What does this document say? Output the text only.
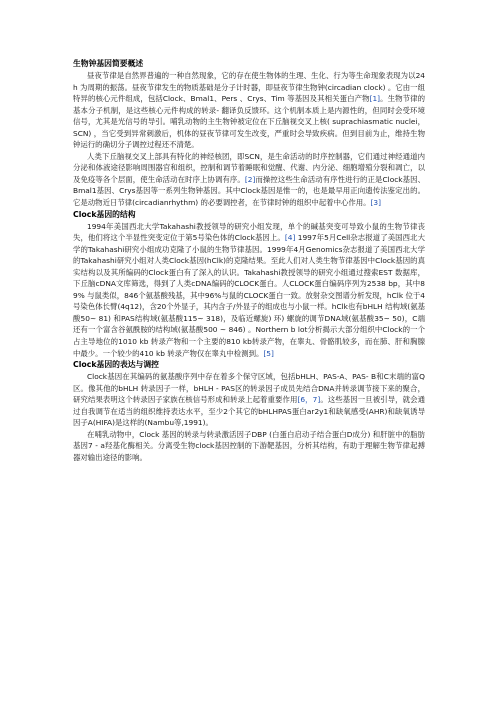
生物钟基因简要概述

昼夜节律是自然界普遍的一种自然现象，它的存在使生物体的生理、生化、行为等生命现象表现为以24 h 为周期的振荡。昼夜节律发生的物质基础是分子计时器，即昼夜节律生物钟(circadian clock) 。它由一组特异的核心元件组成，包括Clock、Bmal1、Pers 、Crys、Tim 等基因及其相关蛋白产物[1]。生物节律的基本分子机制，是这些核心元件构成的转录- 翻译负反馈环。这个机制本质上是内源性的，但同时会受环境信号，尤其是光信号的导引。哺乳动物的主生物钟被定位在下丘脑视交叉上核( suprachiasmatic nuclei，SCN) ，当它受到异常刺激后，机体的昼夜节律可发生改变，严重时会导致疾病。但到目前为止，维持生物钟运行的确切分子调控过程还不清楚。

人类下丘脑视交叉上部具有特化的神经核团，即SCN，是生命活动的时序控制器，它们通过神经通道内分泌和体液途径影响周围器官和组织，控制和调节着睡眠和觉醒、代谢、内分泌、细胞增殖分裂和凋亡，以及免疫等各个层面，使生命活动在时序上协调有序。[2]而操控这些生命活动有序性进行的正是Clock基因、Bmal1基因、Crys基因等一系列生物钟基因。其中Clock基因是惟一的，也是最早用正向遗传法鉴定出的。它是动物近日节律(circadianrhythm) 的必要调控者，在节律时钟的组织中起着中心作用。[3]

Clock基因的结构

1994年美国西北大学Takahashi教授领导的研究小组发现，单个的碱基突变可导致小鼠的生物节律丧失，他们将这个半显性突变定位于第5号染色体的Clock基因上。[4] 1997年5月Cell杂志报道了美国西北大学的Takahashi研究小组成功克隆了小鼠的生物节律基因。1999年4月Genomics杂志报道了美国西北大学的Takahashi研究小组对人类Clock基因(hClk)的克隆结果。至此人们对人类生物节律基因中Clock基因的真实结构以及其所编码的Clock蛋白有了深入的认识。Takahashi教授领导的研究小组通过搜索EST 数据库，下丘脑cDNA文库筛选，得到了人类cDNA编码的CLOCK蛋白。人CLOCK蛋白编码序列为2538 bp，其中89% 与鼠类似，846个氨基酸残基，其中96%与鼠的CLOCK蛋白一致。放射杂交图谱分析发现，hClk 位于4 号染色体长臂(4q12)，含20个外显子，其内含子/外显子的组成也与小鼠一样。hClk也有bHLH 结构域(氨基酸50~ 81) 和PAS结构域(氨基酸115~ 318)，及临近螺旋) 环) 螺旋的调节DNA域(氨基酸35~ 50)，C端还有一个富含谷氨酰胺的结构域(氨基酸500 ~ 846) 。Northern b lot分析揭示大部分组织中Clock的一个占主导地位的1010 kb 转录产物和一个主要的810 kb转录产物，在睾丸、骨骼肌较多，而在肺、肝和胸腺中最少。一个较少的410 kb 转录产物仅在睾丸中检测到。[5]

Clock基因的表达与调控

Clock基因在其编码的氨基酸序列中存在着多个保守区域，包括bHLH、PAS-A、PAS- B和C末端的富Q 区。像其他的bHLH 转录因子一样，bHLH - PAS区的转录因子成员先结合DNA并转录调节接下来的聚合，研究结果表明这个转录因子家族在核信号形成和转录上起着重要作用[6，7]。这些基因一旦被引导，就会通过自我调节在适当的组织维持表达水平，至少2个其它的bHLHPAS蛋白ar2y1和缺氧感受(AHR)和缺氧诱导因子A(HIFA)是这样的(Nambu等,1991)。

在哺乳动物中，Clock 基因的转录与转录激活因子DBP (白蛋白启动子结合蛋白D成分) 和肝脏中的脂肪基因7 - a羟基化酶相关。分离受生物clock基因控制的下游靶基因，分析其结构，有助于理解生物节律起搏器对输出途径的影响。
